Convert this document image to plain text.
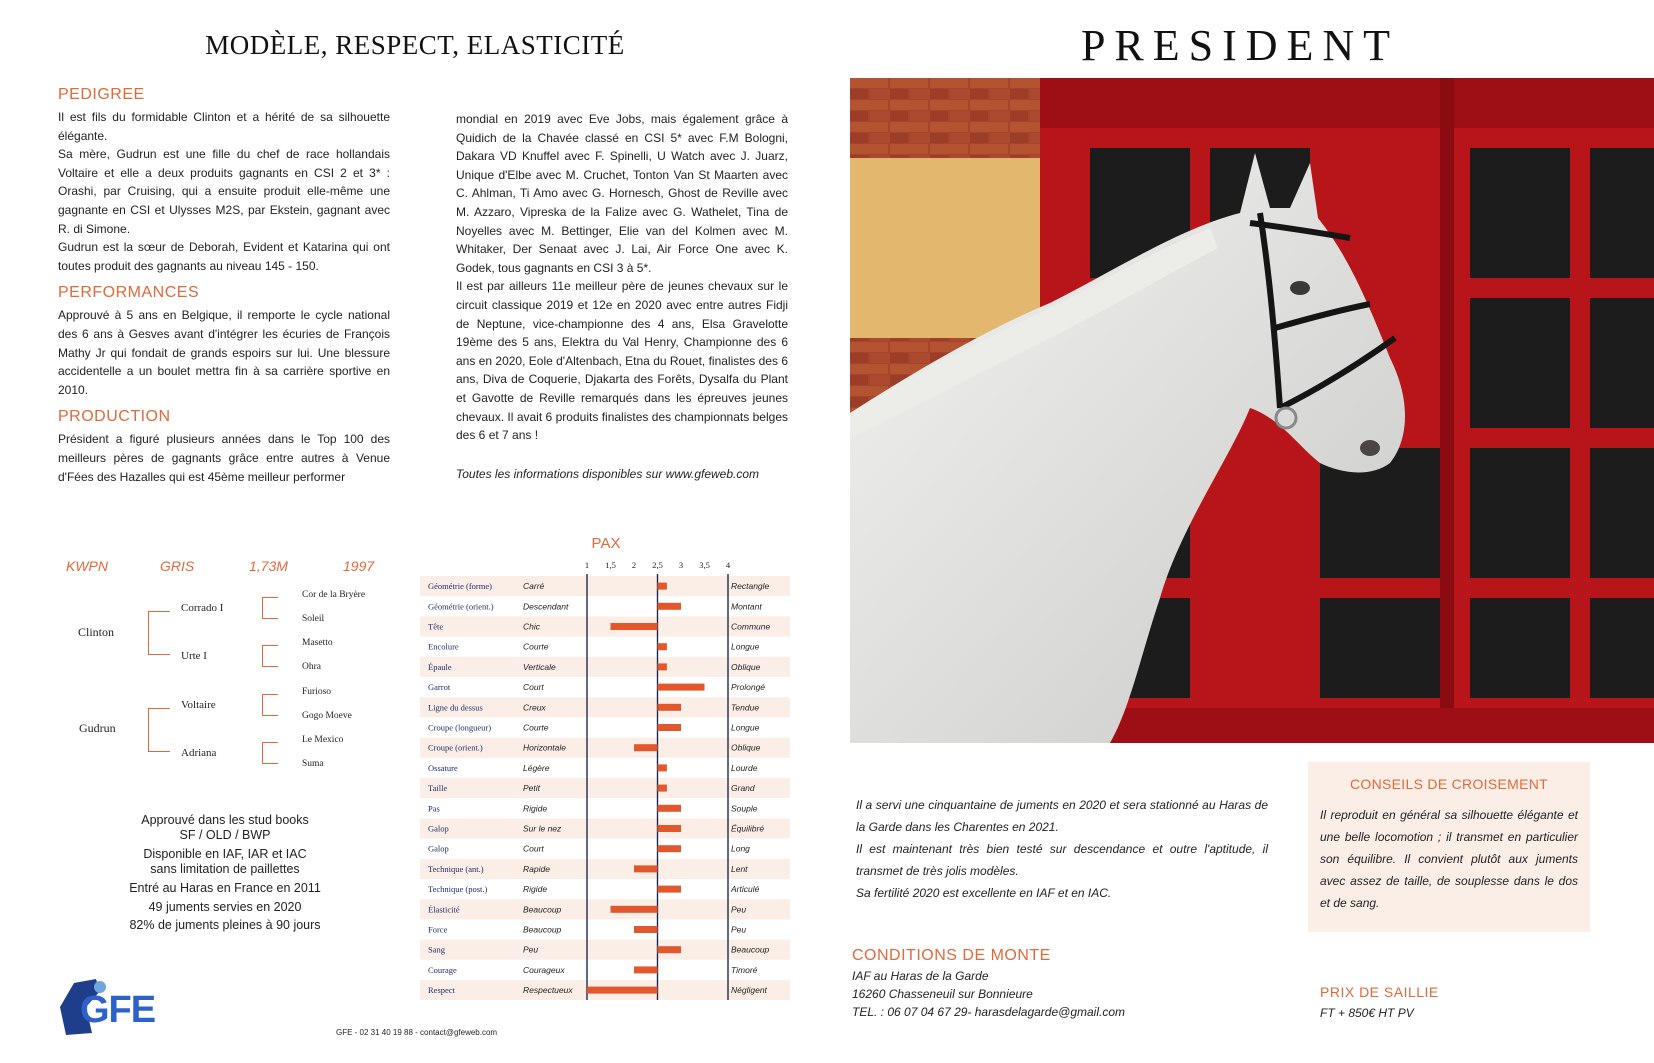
MODÈLE, RESPECT, ELASTICITÉ	PRESIDENT
PEDIGREE

Il est fils du formidable Clinton et a hérité de sa silhouette élégante.

Sa mère, Gudrun est une fille du chef de race hollandais Voltaire et elle a deux produits gagnants en CSI 2 et 3* : Orashi, par Cruising, qui a ensuite produit elle-même une gagnante en CSI et Ulysses M2S, par Ekstein, gagnant avec R. di Simone.

Gudrun est la sœur de Deborah, Evident et Katarina qui ont toutes produit des gagnants au niveau 145 - 150.

PERFORMANCES
Approuvé à 5 ans en Belgique, il remporte le cycle national des 6 ans à Gesves avant d'intégrer les écuries de François Mathy Jr qui fondait de grands espoirs sur lui. Une blessure accidentelle a un boulet mettra fin à sa carrière sportive en 2010.
PRODUCTION
Président a figuré plusieurs années dans le Top 100 des meilleurs pères de gagnants grâce entre autres à Venue d'Fées des Hazalles qui est 45ème meilleur performer

mondial en 2019 avec Eve Jobs, mais également grâce à Quidich de la Chavée classé en CSI 5* avec F.M Bologni, Dakara VD Knuffel avec F. Spinelli, U Watch avec J. Juarz, Unique d'Elbe avec M. Cruchet, Tonton Van St Maarten avec C. Ahlman, Ti Amo avec G. Hornesch, Ghost de Reville avec M. Azzaro, Vipreska de la Falize avec G. Wathelet, Tina de Noyelles avec M. Bettinger, Elie van del Kolmen avec M. Whitaker, Der Senaat avec J. Lai, Air Force One avec K. Godek, tous gagnants en CSI 3 à 5*.

Il est par ailleurs 11e meilleur père de jeunes chevaux sur le circuit classique 2019 et 12e en 2020 avec entre autres Fidji de Neptune, vice-championne des 4 ans, Elsa Gravelotte 19ème des 5 ans, Elektra du Val Henry, Championne des 6 ans en 2020, Eole d'Altenbach, Etna du Rouet, finalistes des 6 ans, Diva de Coquerie, Djakarta des Forêts, Dysalfa du Plant et Gavotte de Reville remarqués dans les épreuves jeunes chevaux. Il avait 6 produits finalistes des championnats belges des 6 et 7 ans !

Toutes les informations disponibles sur www.gfeweb.com
KWPN	GRIS	1,73M	1997
Clinton
Gudrun
Corrado I
Urte I
Voltaire
Adriana
Cor de la Bryère
Soleil
Masetto
Ohra
Furioso
Gogo Moeve
Le Mexico
Suma
Approuvé dans les stud books
SF / OLD / BWP
Disponible en IAF, IAR et IAC
sans limitation de paillettes
Entré au Haras en France en 2011
49 juments servies en 2020
82% de juments pleines à 90 jours
PAX
1 1,5 2 2,5 3 3,5 4
Géométrie (forme)	Carré	Rectangle
Géométrie (orient.)	Descendant	Montant
Tête	Chic	Commune
Encolure	Courte	Longue
Épaule	Verticale	Oblique
Garrot	Court	Prolongé
Ligne du dessus	Creux	Tendue
Croupe (longueur)	Courte	Longue
Croupe (orient.)	Horizontale	Oblique
Ossature	Légère	Lourde
Taille	Petit	Grand
Pas	Rigide	Souple
Galop	Sur le nez	Équilibré
Galop	Court	Long
Technique (ant.)	Rapide	Lent
Technique (post.)	Rigide	Articulé
Élasticité	Beaucoup	Peu
Force	Beaucoup	Peu
Sang	Peu	Beaucoup
Courage	Courageux	Timoré
Respect	Respectueux	Négligent

Il a servi une cinquantaine de juments en 2020 et sera stationné au Haras de la Garde dans les Charentes en 2021.

Il est maintenant très bien testé sur descendance et outre l'aptitude, il transmet de très jolis modèles.

Sa fertilité 2020 est excellente en IAF et en IAC.

CONSEILS DE CROISEMENT
Il reproduit en général sa silhouette élégante et une belle locomotion ; il transmet en particulier son équilibre. Il convient plutôt aux juments avec assez de taille, de souplesse dans le dos et de sang.
CONDITIONS DE MONTE
IAF au Haras de la Garde
16260 Chasseneuil sur Bonnieure
TEL. : 06 07 04 67 29- harasdelagarde@gmail.com
PRIX DE SAILLIE
FT + 850€ HT PV
GFE - 02 31 40 19 88 - contact@gfeweb.com
GFE
